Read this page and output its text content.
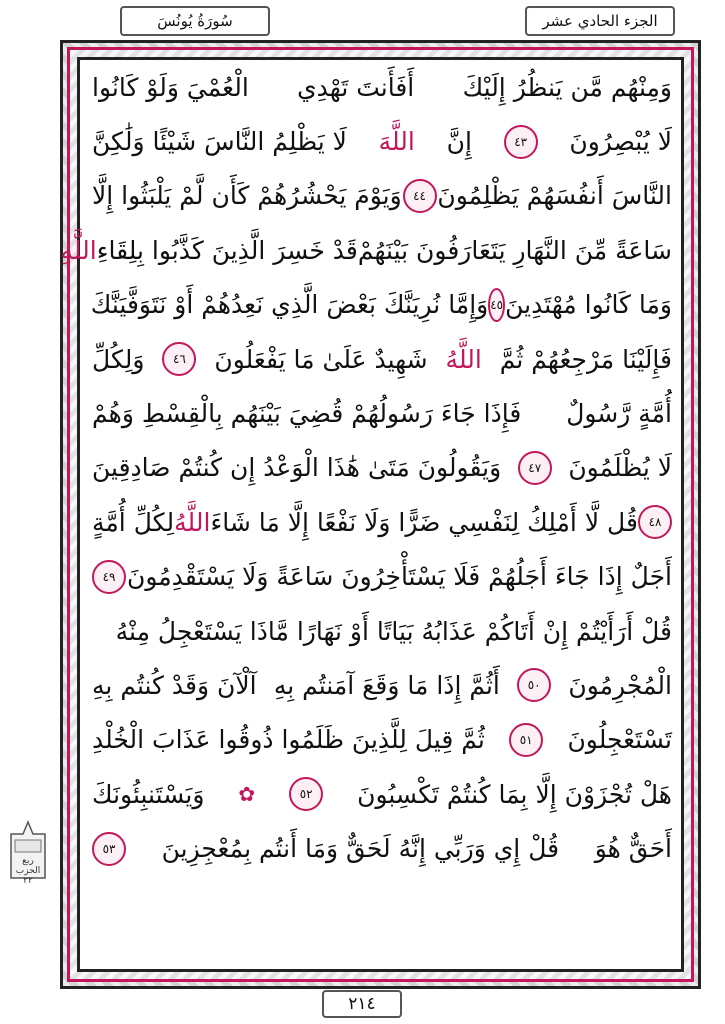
سُورَةُ يُونُسَ	الجزء الحادي عشر
وَمِنْهُم مَّن يَنظُرُ إِلَيْكَ
أَفَأَنتَ تَهْدِي
الْعُمْيَ وَلَوْ كَانُوا
لَا يُبْصِرُونَ
٤٣
إِنَّ
اللَّهَ
لَا يَظْلِمُ النَّاسَ شَيْئًا وَلَٰكِنَّ
النَّاسَ أَنفُسَهُمْ يَظْلِمُونَ
٤٤
وَيَوْمَ يَحْشُرُهُمْ كَأَن لَّمْ يَلْبَثُوا إِلَّا
سَاعَةً مِّنَ النَّهَارِ يَتَعَارَفُونَ بَيْنَهُمْ
قَدْ خَسِرَ الَّذِينَ كَذَّبُوا بِلِقَاءِ
اللَّهِ
وَمَا كَانُوا مُهْتَدِينَ
٤٥
وَإِمَّا نُرِيَنَّكَ بَعْضَ الَّذِي نَعِدُهُمْ أَوْ نَتَوَفَّيَنَّكَ
فَإِلَيْنَا مَرْجِعُهُمْ ثُمَّ
اللَّهُ
شَهِيدٌ عَلَىٰ مَا يَفْعَلُونَ
٤٦
وَلِكُلِّ
أُمَّةٍ رَّسُولٌ
فَإِذَا جَاءَ رَسُولُهُمْ قُضِيَ بَيْنَهُم بِالْقِسْطِ وَهُمْ
لَا يُظْلَمُونَ
٤٧
وَيَقُولُونَ مَتَىٰ هَٰذَا الْوَعْدُ إِن كُنتُمْ صَادِقِينَ
٤٨
قُل لَّا أَمْلِكُ لِنَفْسِي ضَرًّا وَلَا نَفْعًا إِلَّا مَا شَاءَ
اللَّهُ
لِكُلِّ أُمَّةٍ
أَجَلٌ إِذَا جَاءَ أَجَلُهُمْ فَلَا يَسْتَأْخِرُونَ سَاعَةً وَلَا يَسْتَقْدِمُونَ
٤٩
قُلْ أَرَأَيْتُمْ إِنْ أَتَاكُمْ عَذَابُهُ بَيَاتًا أَوْ نَهَارًا مَّاذَا يَسْتَعْجِلُ مِنْهُ
الْمُجْرِمُونَ
٥٠
أَثُمَّ إِذَا مَا وَقَعَ آمَنتُم بِهِ
آلْآنَ وَقَدْ كُنتُم بِهِ
تَسْتَعْجِلُونَ
٥١
ثُمَّ قِيلَ لِلَّذِينَ ظَلَمُوا ذُوقُوا عَذَابَ الْخُلْدِ
هَلْ تُجْزَوْنَ إِلَّا بِمَا كُنتُمْ تَكْسِبُونَ
٥٢
✿
وَيَسْتَنبِئُونَكَ
أَحَقٌّ هُوَ
قُلْ إِي وَرَبِّي إِنَّهُ لَحَقٌّ وَمَا أَنتُم بِمُعْجِزِينَ
٥٣
ربع
الحزب
٢٢
٢١٤
